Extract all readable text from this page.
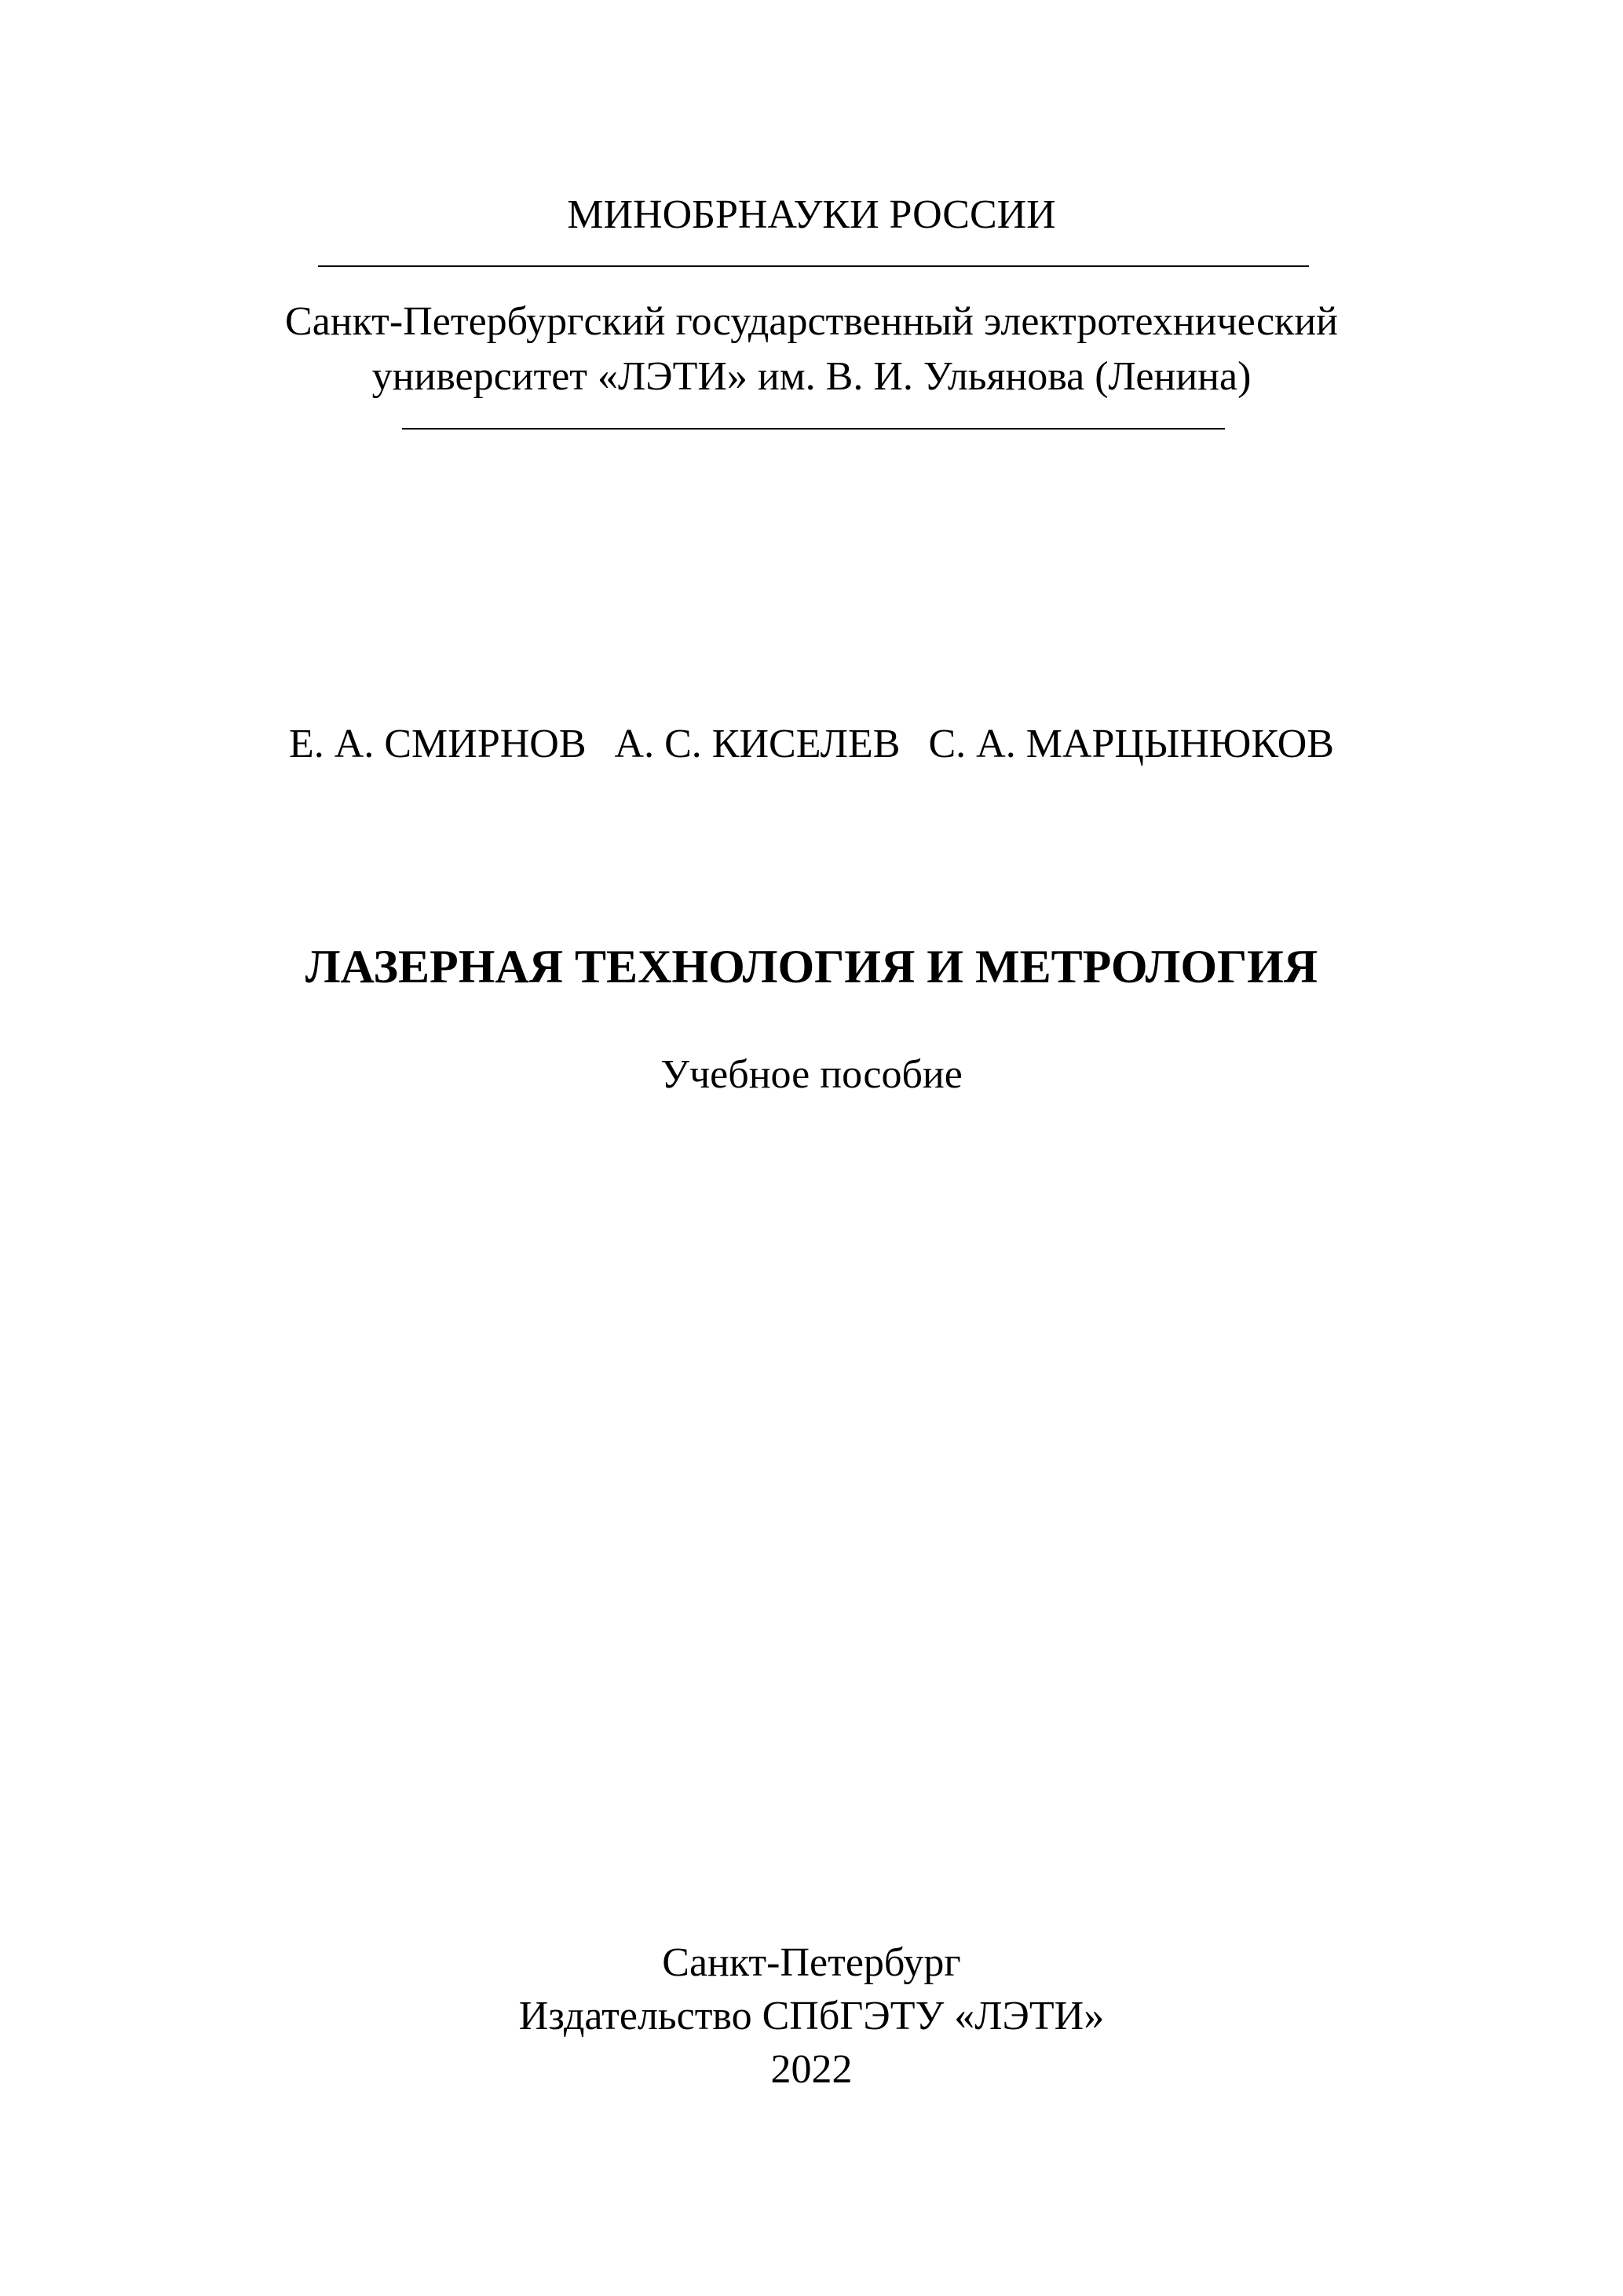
МИНОБРНАУКИ РОССИИ
Санкт-Петербургский государственный электротехнический
университет «ЛЭТИ» им. В. И. Ульянова (Ленина)
Е. А. СМИРНОВ А. С. КИСЕЛЕВ С. А. МАРЦЫНЮКОВ
ЛАЗЕРНАЯ ТЕХНОЛОГИЯ И МЕТРОЛОГИЯ
Учебное пособие
Санкт-Петербург
Издательство СПбГЭТУ «ЛЭТИ»
2022
